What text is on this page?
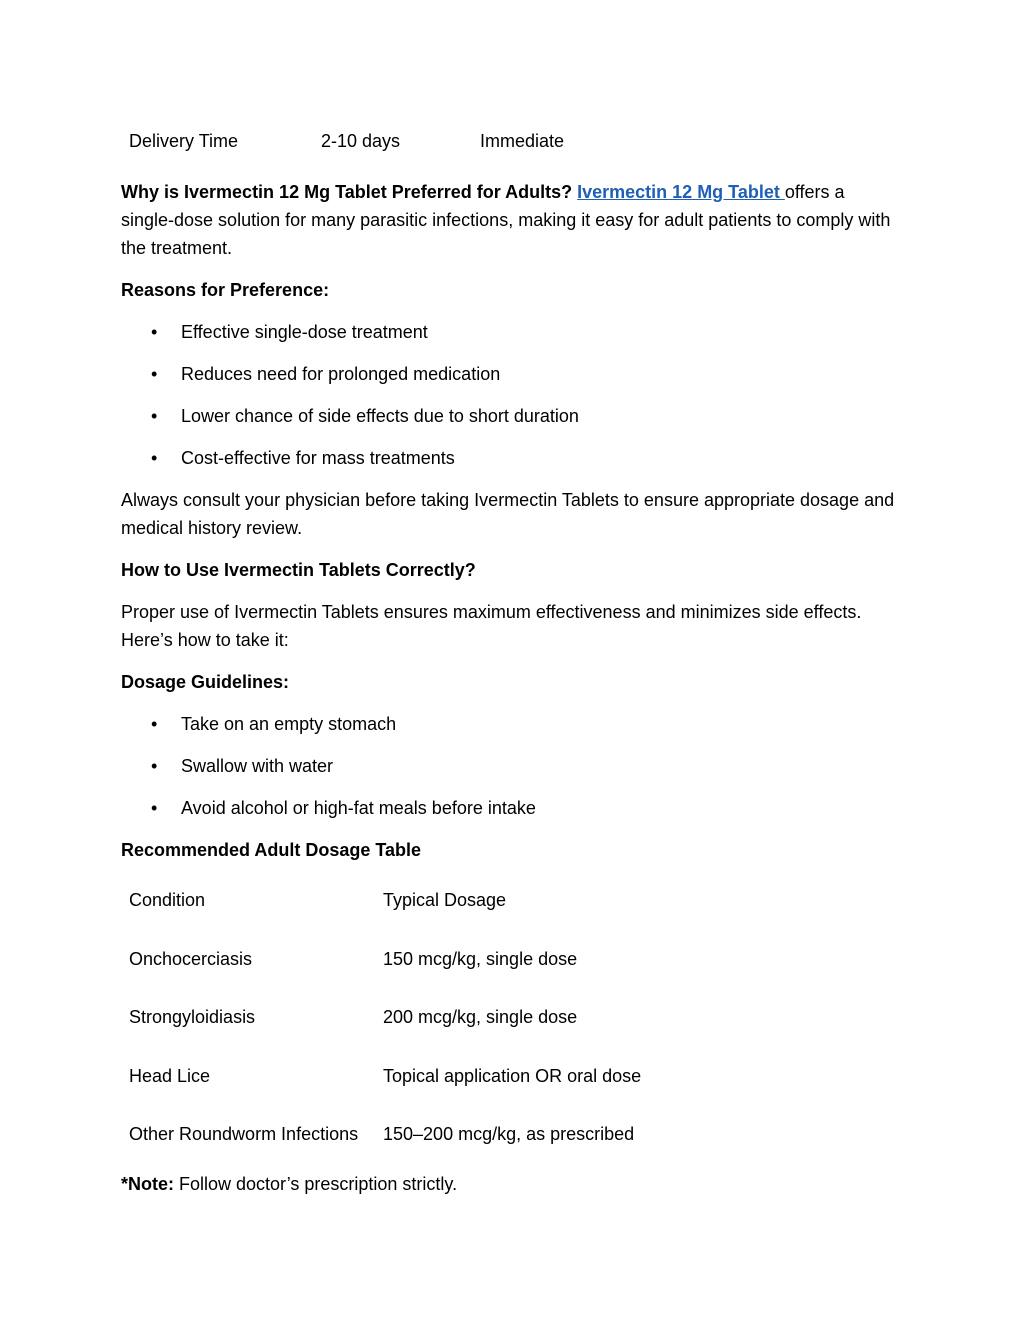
Delivery Time	2-10 days	Immediate

Why is Ivermectin 12 Mg Tablet Preferred for Adults? Ivermectin 12 Mg Tablet offers a single-dose solution for many parasitic infections, making it easy for adult patients to comply with the treatment.

Reasons for Preference:

• Effective single-dose treatment
• Reduces need for prolonged medication
• Lower chance of side effects due to short duration
• Cost-effective for mass treatments

Always consult your physician before taking Ivermectin Tablets to ensure appropriate dosage and medical history review.

How to Use Ivermectin Tablets Correctly?

Proper use of Ivermectin Tablets ensures maximum effectiveness and minimizes side effects. Here’s how to take it:

Dosage Guidelines:

• Take on an empty stomach
• Swallow with water
• Avoid alcohol or high-fat meals before intake

Recommended Adult Dosage Table

Condition	Typical Dosage
Onchocerciasis	150 mcg/kg, single dose
Strongyloidiasis	200 mcg/kg, single dose
Head Lice	Topical application OR oral dose
Other Roundworm Infections 150–200 mcg/kg, as prescribed

*Note: Follow doctor’s prescription strictly.
